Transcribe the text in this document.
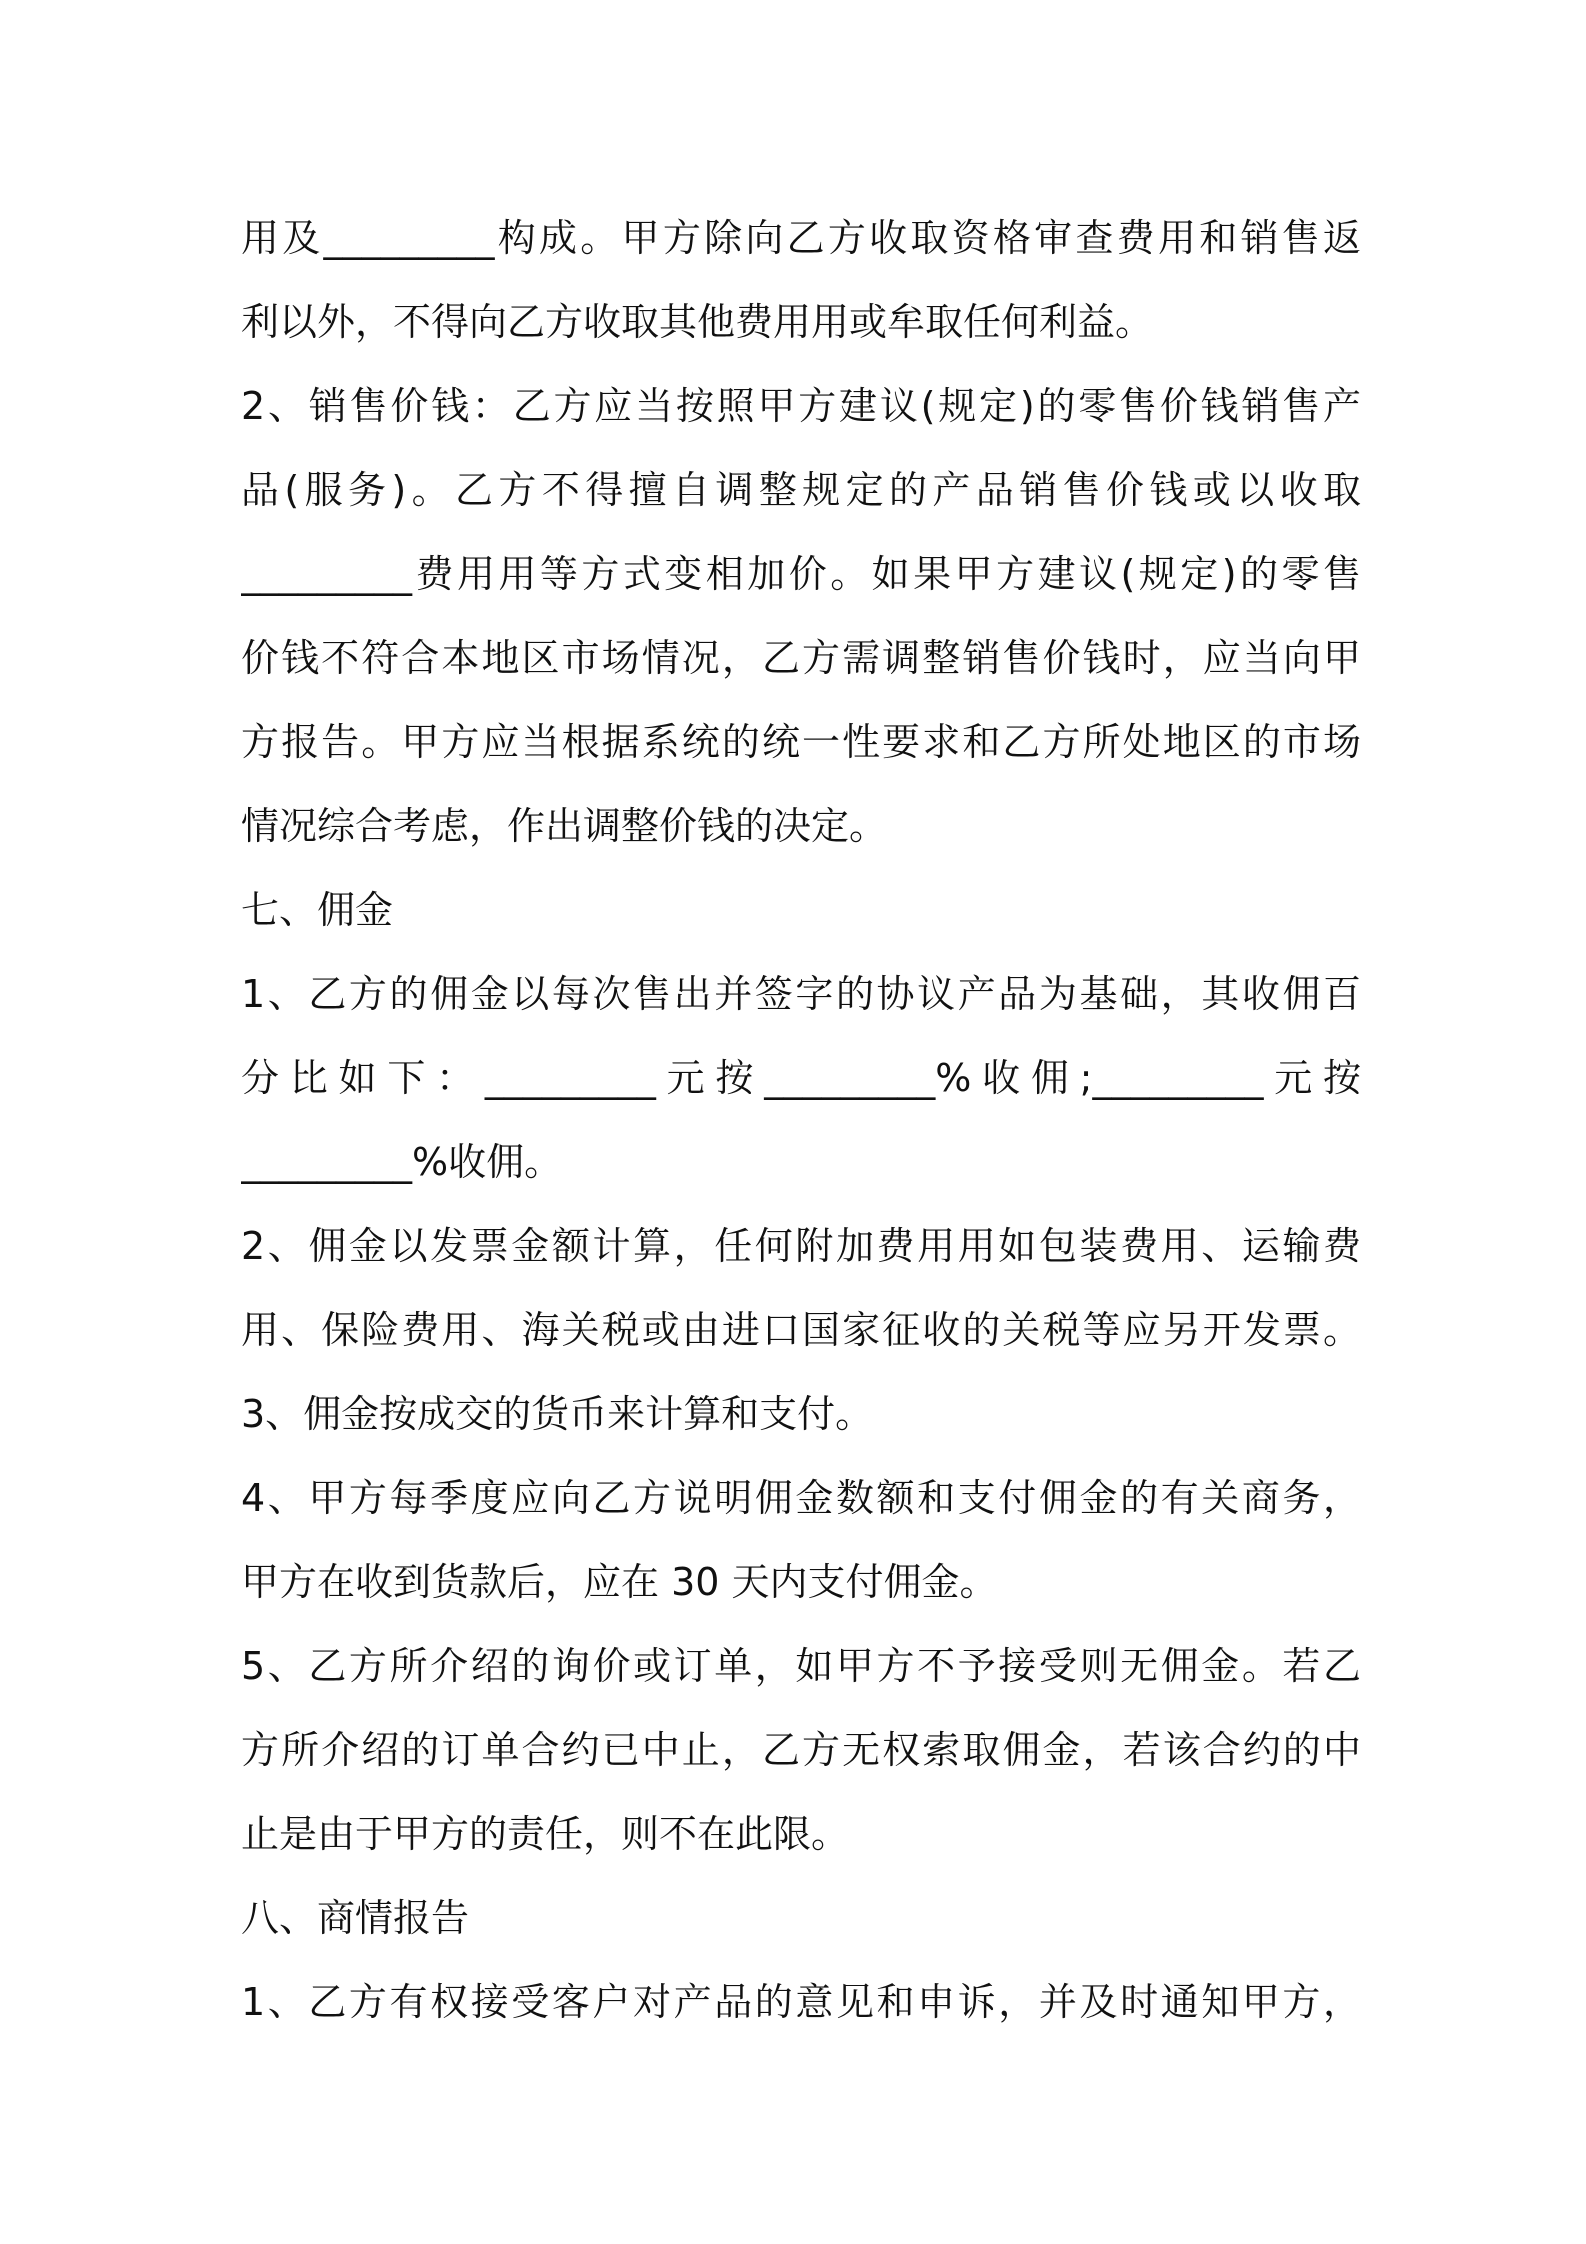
用及_________构成。甲方除向乙方收取资格审查费用和销售返
利以外，不得向乙方收取其他费用用或牟取任何利益。
2、销售价钱：乙方应当按照甲方建议(规定)的零售价钱销售产
品(服务)。乙方不得擅自调整规定的产品销售价钱或以收取
_________费用用等方式变相加价。如果甲方建议(规定)的零售
价钱不符合本地区市场情况，乙方需调整销售价钱时，应当向甲
方报告。甲方应当根据系统的统一性要求和乙方所处地区的市场
情况综合考虑，作出调整价钱的决定。
七、佣金
1、乙方的佣金以每次售出并签字的协议产品为基础，其收佣百
分比如下：_________元按_________%收佣;_________元按
_________%收佣。
2、佣金以发票金额计算，任何附加费用用如包装费用、运输费
用、保险费用、海关税或由进口国家征收的关税等应另开发票。
3、佣金按成交的货币来计算和支付。
4、甲方每季度应向乙方说明佣金数额和支付佣金的有关商务，
甲方在收到货款后，应在 30 天内支付佣金。
5、乙方所介绍的询价或订单，如甲方不予接受则无佣金。若乙
方所介绍的订单合约已中止，乙方无权索取佣金，若该合约的中
止是由于甲方的责任，则不在此限。
八、商情报告
1、乙方有权接受客户对产品的意见和申诉，并及时通知甲方，
